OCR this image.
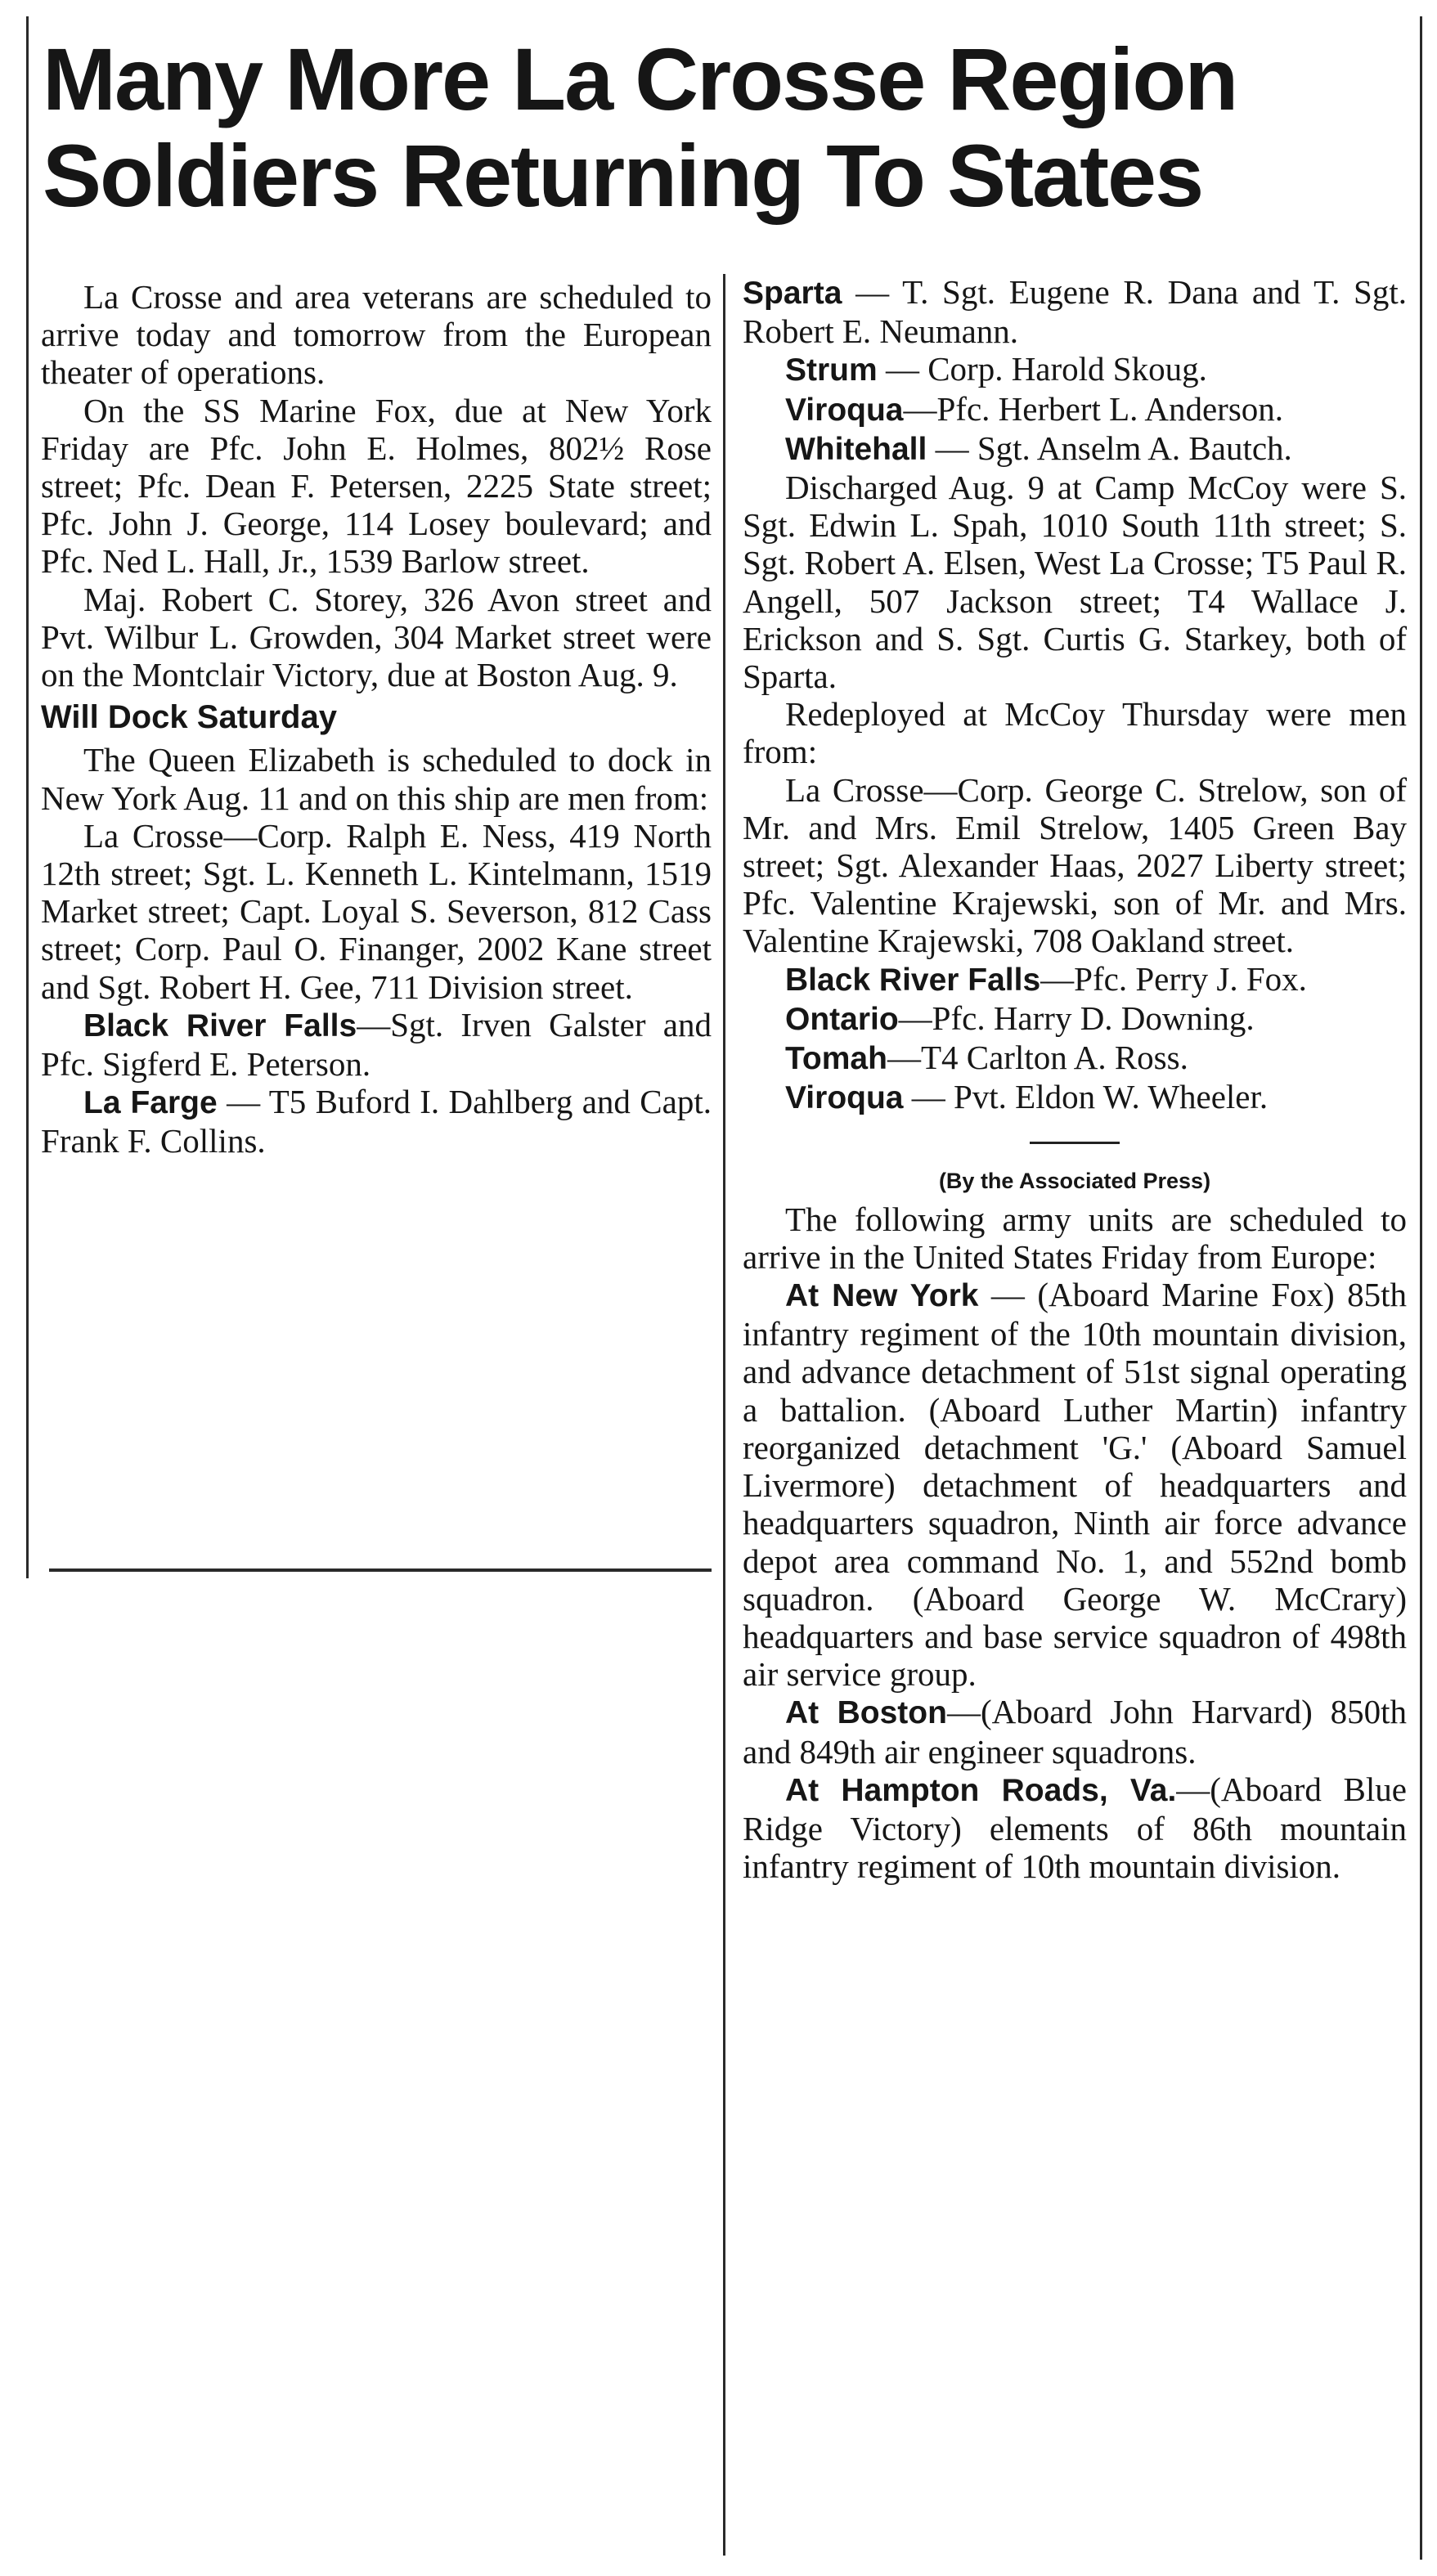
Many More La Crosse Region
Soldiers Returning To States

La Crosse and area veterans are scheduled to arrive today and tomorrow from the European theater of operations.

On the SS Marine Fox, due at New York Friday are Pfc. John E. Holmes, 802½ Rose street; Pfc. Dean F. Petersen, 2225 State street; Pfc. John J. George, 114 Losey boulevard; and Pfc. Ned L. Hall, Jr., 1539 Barlow street.

Maj. Robert C. Storey, 326 Avon street and Pvt. Wilbur L. Growden, 304 Market street were on the Montclair Victory, due at Boston Aug. 9.

Will Dock Saturday

The Queen Elizabeth is scheduled to dock in New York Aug. 11 and on this ship are men from:

La Crosse—Corp. Ralph E. Ness, 419 North 12th street; Sgt. L. Kenneth L. Kintelmann, 1519 Market street; Capt. Loyal S. Severson, 812 Cass street; Corp. Paul O. Finanger, 2002 Kane street and Sgt. Robert H. Gee, 711 Division street.

Black River Falls—Sgt. Irven Galster and Pfc. Sigferd E. Peterson.

La Farge — T5 Buford I. Dahlberg and Capt. Frank F. Collins.

Sparta — T. Sgt. Eugene R. Dana and T. Sgt. Robert E. Neumann.

Strum — Corp. Harold Skoug.

Viroqua—Pfc. Herbert L. Anderson.

Whitehall — Sgt. Anselm A. Bautch.

Discharged Aug. 9 at Camp McCoy were S. Sgt. Edwin L. Spah, 1010 South 11th street; S. Sgt. Robert A. Elsen, West La Crosse; T5 Paul R. Angell, 507 Jackson street; T4 Wallace J. Erickson and S. Sgt. Curtis G. Starkey, both of Sparta.

Redeployed at McCoy Thursday were men from:

La Crosse—Corp. George C. Strelow, son of Mr. and Mrs. Emil Strelow, 1405 Green Bay street; Sgt. Alexander Haas, 2027 Liberty street; Pfc. Valentine Krajewski, son of Mr. and Mrs. Valentine Krajewski, 708 Oakland street.

Black River Falls—Pfc. Perry J. Fox.

Ontario—Pfc. Harry D. Downing.

Tomah—T4 Carlton A. Ross.

Viroqua — Pvt. Eldon W. Wheeler.

(By the Associated Press)

The following army units are scheduled to arrive in the United States Friday from Europe:

At New York — (Aboard Marine Fox) 85th infantry regiment of the 10th mountain division, and advance detachment of 51st signal operating a battalion. (Aboard Luther Martin) infantry reorganized detachment 'G.' (Aboard Samuel Livermore) detachment of headquarters and headquarters squadron, Ninth air force advance depot area command No. 1, and 552nd bomb squadron. (Aboard George W. McCrary) headquarters and base service squadron of 498th air service group.

At Boston—(Aboard John Harvard) 850th and 849th air engineer squadrons.

At Hampton Roads, Va.—(Aboard Blue Ridge Victory) elements of 86th mountain infantry regiment of 10th mountain division.
